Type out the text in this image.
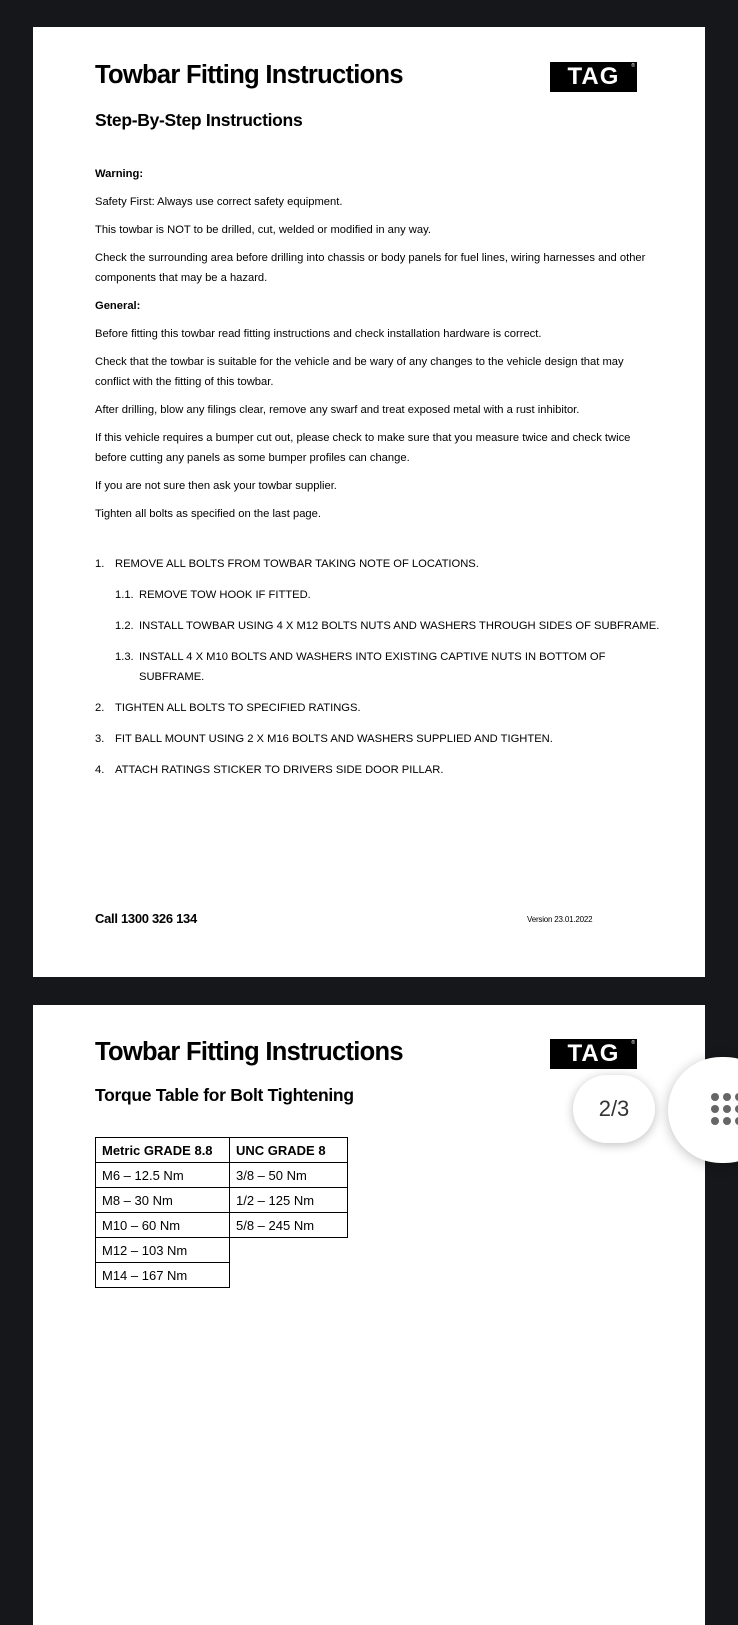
Towbar Fitting Instructions	TAG
®
Step-By-Step Instructions

Warning:

Safety First: Always use correct safety equipment.

This towbar is NOT to be drilled, cut, welded or modified in any way.

Check the surrounding area before drilling into chassis or body panels for fuel lines, wiring harnesses and other components that may be a hazard.

General:

Before fitting this towbar read fitting instructions and check installation hardware is correct.

Check that the towbar is suitable for the vehicle and be wary of any changes to the vehicle design that may conflict with the fitting of this towbar.

After drilling, blow any filings clear, remove any swarf and treat exposed metal with a rust inhibitor.

If this vehicle requires a bumper cut out, please check to make sure that you measure twice and check twice before cutting any panels as some bumper profiles can change.

If you are not sure then ask your towbar supplier.

Tighten all bolts as specified on the last page.

1. REMOVE ALL BOLTS FROM TOWBAR TAKING NOTE OF LOCATIONS.
1.1. REMOVE TOW HOOK IF FITTED.
1.2. INSTALL TOWBAR USING 4 X M12 BOLTS NUTS AND WASHERS THROUGH SIDES OF SUBFRAME.
1.3. INSTALL 4 X M10 BOLTS AND WASHERS INTO EXISTING CAPTIVE NUTS IN BOTTOM OF SUBFRAME.
2. TIGHTEN ALL BOLTS TO SPECIFIED RATINGS.
3. FIT BALL MOUNT USING 2 X M16 BOLTS AND WASHERS SUPPLIED AND TIGHTEN.
4. ATTACH RATINGS STICKER TO DRIVERS SIDE DOOR PILLAR.
Call 1300 326 134	Version 23.01.2022
Towbar Fitting Instructions	TAG
®
Torque Table for Bolt Tightening
Metric GRADE 8.8	UNC GRADE 8
M6 – 12.5 Nm	3/8 – 50 Nm
M8 – 30 Nm	1/2 – 125 Nm
M10 – 60 Nm	5/8 – 245 Nm
M12 – 103 Nm	
M14 – 167 Nm	
2/3
